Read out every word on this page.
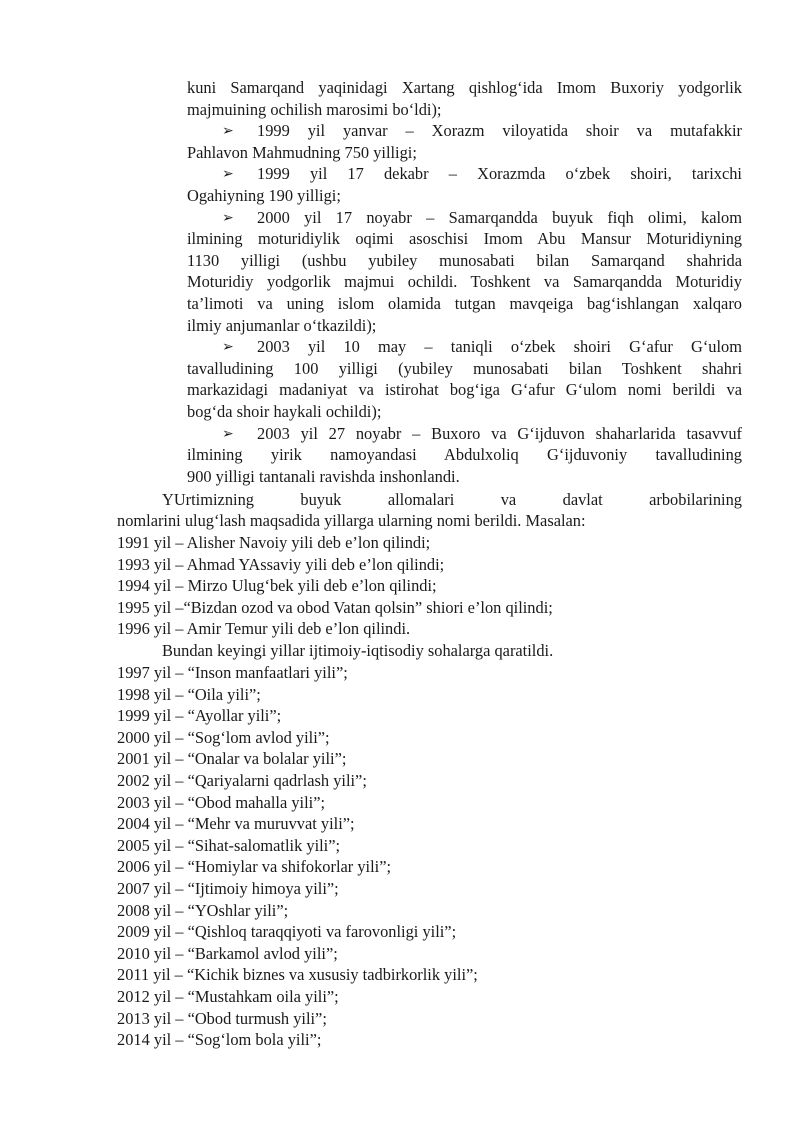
kuni Samarqand yaqinidagi Xartang qishlog‘ida Imom Buxoriy yodgorlik
majmuining ochilish marosimi bo‘ldi);
➢ 1999 yil yanvar – Xorazm viloyatida shoir va mutafakkir
Pahlavon Mahmudning 750 yilligi;
➢ 1999 yil 17 dekabr – Xorazmda o‘zbek shoiri, tarixchi
Ogahiyning 190 yilligi;
➢ 2000 yil 17 noyabr – Samarqandda buyuk fiqh olimi, kalom
ilmining moturidiylik oqimi asoschisi Imom Abu Mansur Moturidiyning
1130 yilligi (ushbu yubiley munosabati bilan Samarqand shahrida
Moturidiy yodgorlik majmui ochildi. Toshkent va Samarqandda Moturidiy
ta’limoti va uning islom olamida tutgan mavqeiga bag‘ishlangan xalqaro
ilmiy anjumanlar o‘tkazildi);
➢ 2003 yil 10 may – taniqli o‘zbek shoiri G‘afur G‘ulom
tavalludining 100 yilligi (yubiley munosabati bilan Toshkent shahri
markazidagi madaniyat va istirohat bog‘iga G‘afur G‘ulom nomi berildi va
bog‘da shoir haykali ochildi);
➢ 2003 yil 27 noyabr – Buxoro va G‘ijduvon shaharlarida tasavvuf
ilmining yirik namoyandasi Abdulxoliq G‘ijduvoniy tavalludining
900 yilligi tantanali ravishda inshonlandi.
YUrtimizning buyuk allomalari va davlat arbobilarining
nomlarini ulug‘lash maqsadida yillarga ularning nomi berildi. Masalan:
1991 yil – Alisher Navoiy yili deb e’lon qilindi;
1993 yil – Ahmad YAssaviy yili deb e’lon qilindi;
1994 yil – Mirzo Ulug‘bek yili deb e’lon qilindi;
1995 yil –“Bizdan ozod va obod Vatan qolsin” shiori e’lon qilindi;
1996 yil – Amir Temur yili deb e’lon qilindi.
Bundan keyingi yillar ijtimoiy-iqtisodiy sohalarga qaratildi.
1997 yil – “Inson manfaatlari yili”;
1998 yil – “Oila yili”;
1999 yil – “Ayollar yili”;
2000 yil – “Sog‘lom avlod yili”;
2001 yil – “Onalar va bolalar yili”;
2002 yil – “Qariyalarni qadrlash yili”;
2003 yil – “Obod mahalla yili”;
2004 yil – “Mehr va muruvvat yili”;
2005 yil – “Sihat-salomatlik yili”;
2006 yil – “Homiylar va shifokorlar yili”;
2007 yil – “Ijtimoiy himoya yili”;
2008 yil – “YOshlar yili”;
2009 yil – “Qishloq taraqqiyoti va farovonligi yili”;
2010 yil – “Barkamol avlod yili”;
2011 yil – “Kichik biznes va xususiy tadbirkorlik yili”;
2012 yil – “Mustahkam oila yili”;
2013 yil – “Obod turmush yili”;
2014 yil – “Sog‘lom bola yili”;
